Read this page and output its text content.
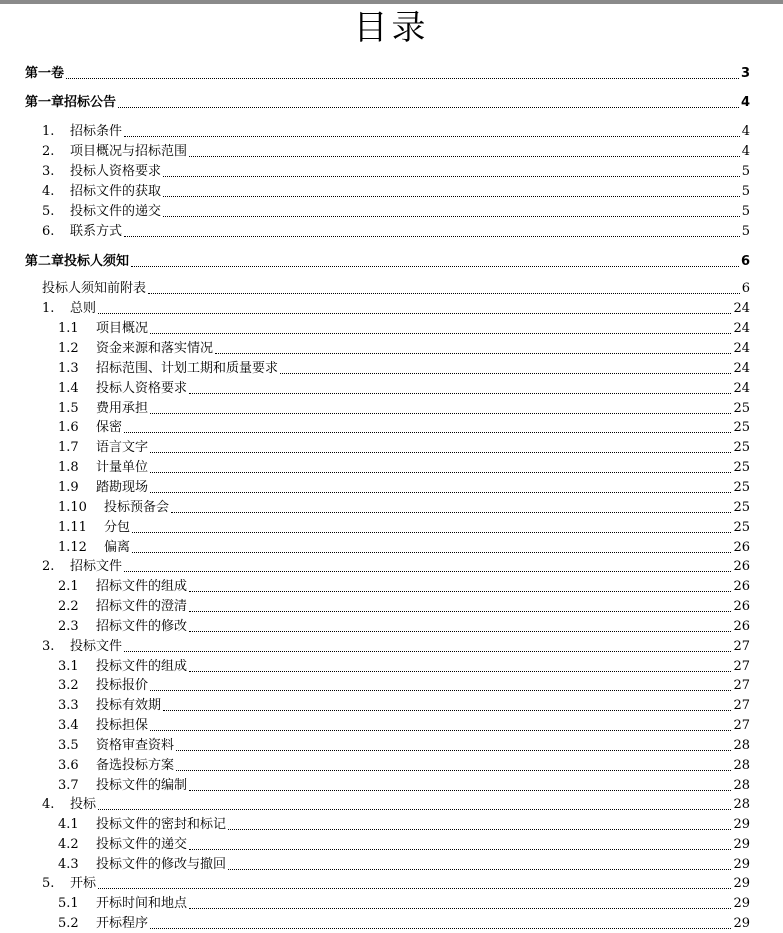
目录
第一卷	3
第一章招标公告	4
1.	招标条件	4
2.	项目概况与招标范围	4
3.	投标人资格要求	5
4.	招标文件的获取	5
5.	投标文件的递交	5
6.	联系方式	5
第二章投标人须知	6
投标人须知前附表	6
1.	总则	24
1.1	项目概况	24
1.2	资金来源和落实情况	24
1.3	招标范围、计划工期和质量要求	24
1.4	投标人资格要求	24
1.5	费用承担	25
1.6	保密	25
1.7	语言文字	25
1.8	计量单位	25
1.9	踏勘现场	25
1.10	投标预备会	25
1.11	分包	25
1.12	偏离	26
2.	招标文件	26
2.1	招标文件的组成	26
2.2	招标文件的澄清	26
2.3	招标文件的修改	26
3.	投标文件	27
3.1	投标文件的组成	27
3.2	投标报价	27
3.3	投标有效期	27
3.4	投标担保	27
3.5	资格审查资料	28
3.6	备选投标方案	28
3.7	投标文件的编制	28
4.	投标	28
4.1	投标文件的密封和标记	29
4.2	投标文件的递交	29
4.3	投标文件的修改与撤回	29
5.	开标	29
5.1	开标时间和地点	29
5.2	开标程序	29
